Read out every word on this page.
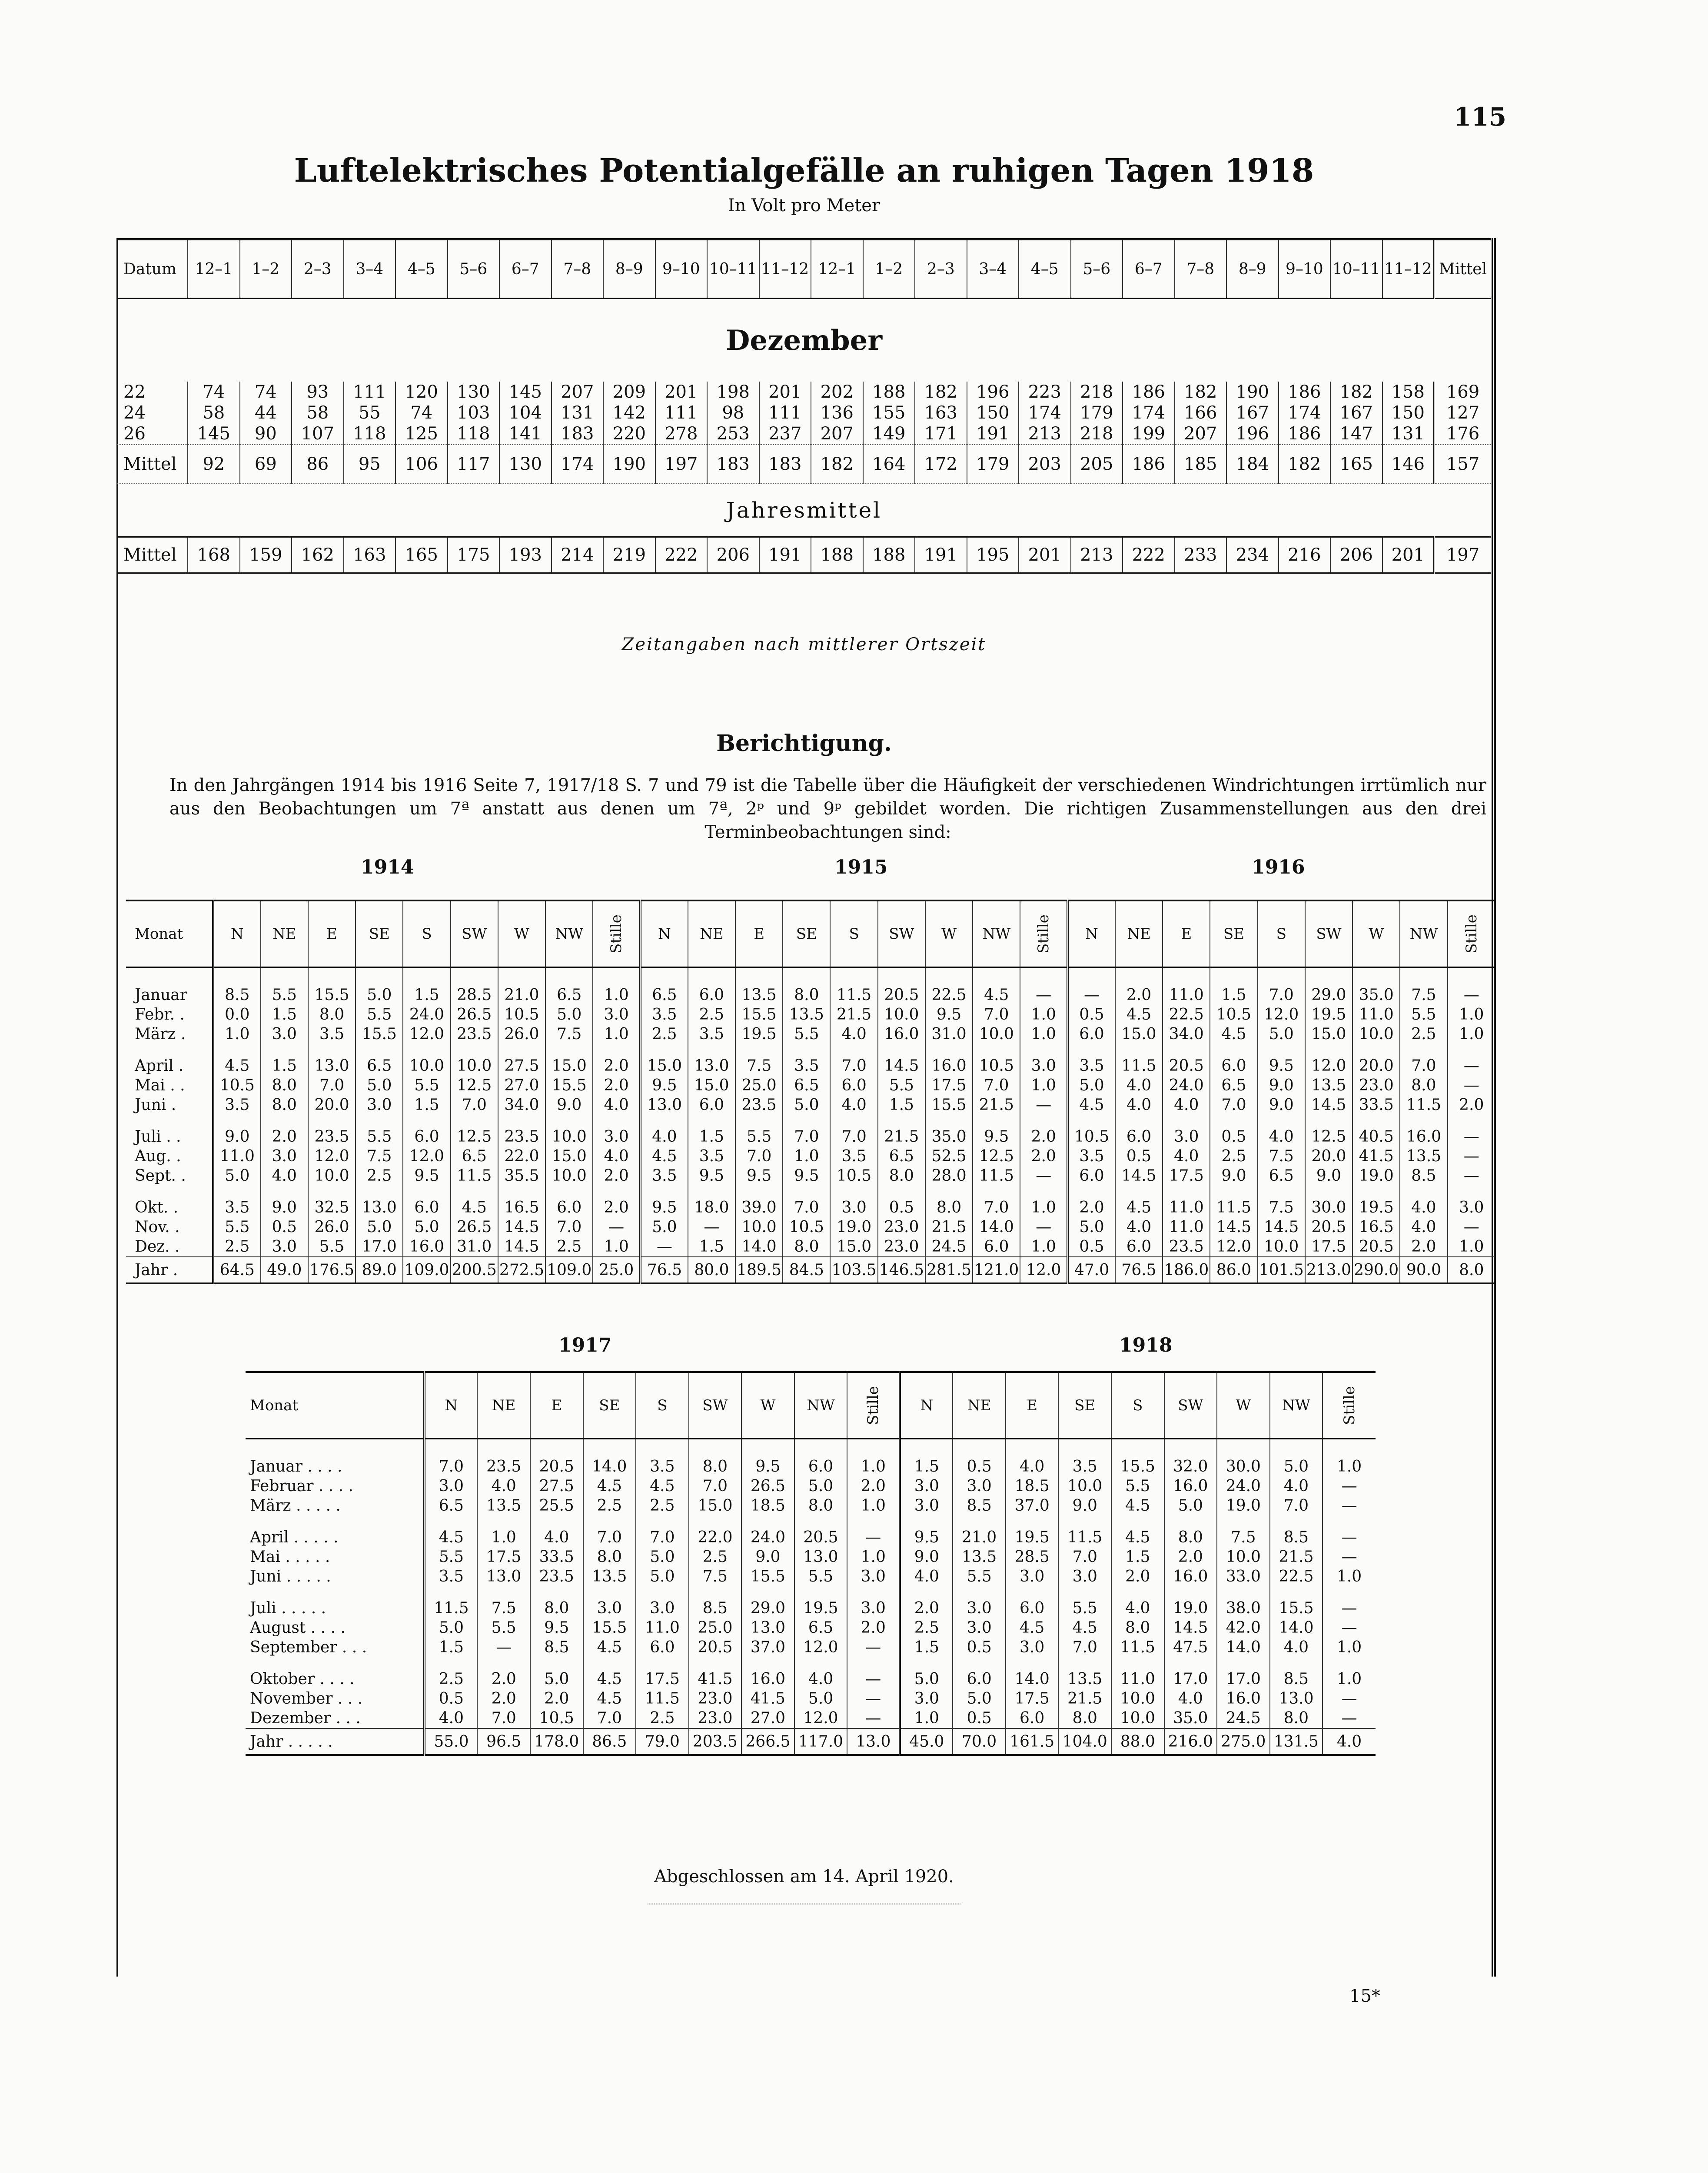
115
Luftelektrisches Potentialgefälle an ruhigen Tagen 1918
In Volt pro Meter
Datum	12–1	1–2	2–3	3–4	4–5	5–6	6–7	7–8	8–9	9–10	10–11	11–12	12–1	1–2	2–3	3–4	4–5	5–6	6–7	7–8	8–9	9–10	10–11	11–12	Mittel
Dezember																									
22	74	74	93	111	120	130	145	207	209	201	198	201	202	188	182	196	223	218	186	182	190	186	182	158	169
24	58	44	58	55	74	103	104	131	142	111	98	111	136	155	163	150	174	179	174	166	167	174	167	150	127
26	145	90	107	118	125	118	141	183	220	278	253	237	207	149	171	191	213	218	199	207	196	186	147	131	176
Mittel	92	69	86	95	106	117	130	174	190	197	183	183	182	164	172	179	203	205	186	185	184	182	165	146	157
Jahresmittel																									
Mittel	168	159	162	163	165	175	193	214	219	222	206	191	188	188	191	195	201	213	222	233	234	216	206	201	197
Zeitangaben nach mittlerer Ortszeit
Berichtigung.
In den Jahrgängen 1914 bis 1916 Seite 7, 1917/18 S. 7 und 79 ist die Tabelle über die Häufigkeit der verschiedenen Windrichtungen irrtümlich nur aus den Beobachtungen um 7ª anstatt aus denen um 7ª, 2ᵖ und 9ᵖ gebildet worden. Die richtigen Zusammenstellungen aus den drei Terminbeobachtungen sind:
1914	1915	1916
Monat	N	NE	E	SE	S	SW	W	NW	Stille	N	NE	E	SE	S	SW	W	NW	Stille	N	NE	E	SE	S	SW	W	NW	Stille

Januar	8.5	5.5	15.5	5.0	1.5	28.5	21.0	6.5	1.0	6.5	6.0	13.5	8.0	11.5	20.5	22.5	4.5	—	—	2.0	11.0	1.5	7.0	29.0	35.0	7.5	—
Febr. .	0.0	1.5	8.0	5.5	24.0	26.5	10.5	5.0	3.0	3.5	2.5	15.5	13.5	21.5	10.0	9.5	7.0	1.0	0.5	4.5	22.5	10.5	12.0	19.5	11.0	5.5	1.0
März .	1.0	3.0	3.5	15.5	12.0	23.5	26.0	7.5	1.0	2.5	3.5	19.5	5.5	4.0	16.0	31.0	10.0	1.0	6.0	15.0	34.0	4.5	5.0	15.0	10.0	2.5	1.0

April .	4.5	1.5	13.0	6.5	10.0	10.0	27.5	15.0	2.0	15.0	13.0	7.5	3.5	7.0	14.5	16.0	10.5	3.0	3.5	11.5	20.5	6.0	9.5	12.0	20.0	7.0	—
Mai . .	10.5	8.0	7.0	5.0	5.5	12.5	27.0	15.5	2.0	9.5	15.0	25.0	6.5	6.0	5.5	17.5	7.0	1.0	5.0	4.0	24.0	6.5	9.0	13.5	23.0	8.0	—
Juni .	3.5	8.0	20.0	3.0	1.5	7.0	34.0	9.0	4.0	13.0	6.0	23.5	5.0	4.0	1.5	15.5	21.5	—	4.5	4.0	4.0	7.0	9.0	14.5	33.5	11.5	2.0

Juli . .	9.0	2.0	23.5	5.5	6.0	12.5	23.5	10.0	3.0	4.0	1.5	5.5	7.0	7.0	21.5	35.0	9.5	2.0	10.5	6.0	3.0	0.5	4.0	12.5	40.5	16.0	—
Aug. .	11.0	3.0	12.0	7.5	12.0	6.5	22.0	15.0	4.0	4.5	3.5	7.0	1.0	3.5	6.5	52.5	12.5	2.0	3.5	0.5	4.0	2.5	7.5	20.0	41.5	13.5	—
Sept. .	5.0	4.0	10.0	2.5	9.5	11.5	35.5	10.0	2.0	3.5	9.5	9.5	9.5	10.5	8.0	28.0	11.5	—	6.0	14.5	17.5	9.0	6.5	9.0	19.0	8.5	—

Okt. .	3.5	9.0	32.5	13.0	6.0	4.5	16.5	6.0	2.0	9.5	18.0	39.0	7.0	3.0	0.5	8.0	7.0	1.0	2.0	4.5	11.0	11.5	7.5	30.0	19.5	4.0	3.0
Nov. .	5.5	0.5	26.0	5.0	5.0	26.5	14.5	7.0	—	5.0	—	10.0	10.5	19.0	23.0	21.5	14.0	—	5.0	4.0	11.0	14.5	14.5	20.5	16.5	4.0	—
Dez. .	2.5	3.0	5.5	17.0	16.0	31.0	14.5	2.5	1.0	—	1.5	14.0	8.0	15.0	23.0	24.5	6.0	1.0	0.5	6.0	23.5	12.0	10.0	17.5	20.5	2.0	1.0
Jahr .	64.5	49.0	176.5	89.0	109.0	200.5	272.5	109.0	25.0	76.5	80.0	189.5	84.5	103.5	146.5	281.5	121.0	12.0	47.0	76.5	186.0	86.0	101.5	213.0	290.0	90.0	8.0
1917	1918
Monat	N	NE	E	SE	S	SW	W	NW	Stille	N	NE	E	SE	S	SW	W	NW	Stille

Januar . . . .	7.0	23.5	20.5	14.0	3.5	8.0	9.5	6.0	1.0	1.5	0.5	4.0	3.5	15.5	32.0	30.0	5.0	1.0
Februar . . . .	3.0	4.0	27.5	4.5	4.5	7.0	26.5	5.0	2.0	3.0	3.0	18.5	10.0	5.5	16.0	24.0	4.0	—
März . . . . .	6.5	13.5	25.5	2.5	2.5	15.0	18.5	8.0	1.0	3.0	8.5	37.0	9.0	4.5	5.0	19.0	7.0	—

April . . . . .	4.5	1.0	4.0	7.0	7.0	22.0	24.0	20.5	—	9.5	21.0	19.5	11.5	4.5	8.0	7.5	8.5	—
Mai . . . . .	5.5	17.5	33.5	8.0	5.0	2.5	9.0	13.0	1.0	9.0	13.5	28.5	7.0	1.5	2.0	10.0	21.5	—
Juni . . . . .	3.5	13.0	23.5	13.5	5.0	7.5	15.5	5.5	3.0	4.0	5.5	3.0	3.0	2.0	16.0	33.0	22.5	1.0

Juli . . . . .	11.5	7.5	8.0	3.0	3.0	8.5	29.0	19.5	3.0	2.0	3.0	6.0	5.5	4.0	19.0	38.0	15.5	—
August . . . .	5.0	5.5	9.5	15.5	11.0	25.0	13.0	6.5	2.0	2.5	3.0	4.5	4.5	8.0	14.5	42.0	14.0	—
September . . .	1.5	—	8.5	4.5	6.0	20.5	37.0	12.0	—	1.5	0.5	3.0	7.0	11.5	47.5	14.0	4.0	1.0

Oktober . . . .	2.5	2.0	5.0	4.5	17.5	41.5	16.0	4.0	—	5.0	6.0	14.0	13.5	11.0	17.0	17.0	8.5	1.0
November . . .	0.5	2.0	2.0	4.5	11.5	23.0	41.5	5.0	—	3.0	5.0	17.5	21.5	10.0	4.0	16.0	13.0	—
Dezember . . .	4.0	7.0	10.5	7.0	2.5	23.0	27.0	12.0	—	1.0	0.5	6.0	8.0	10.0	35.0	24.5	8.0	—
Jahr . . . . .	55.0	96.5	178.0	86.5	79.0	203.5	266.5	117.0	13.0	45.0	70.0	161.5	104.0	88.0	216.0	275.0	131.5	4.0
Abgeschlossen am 14. April 1920.
15*
